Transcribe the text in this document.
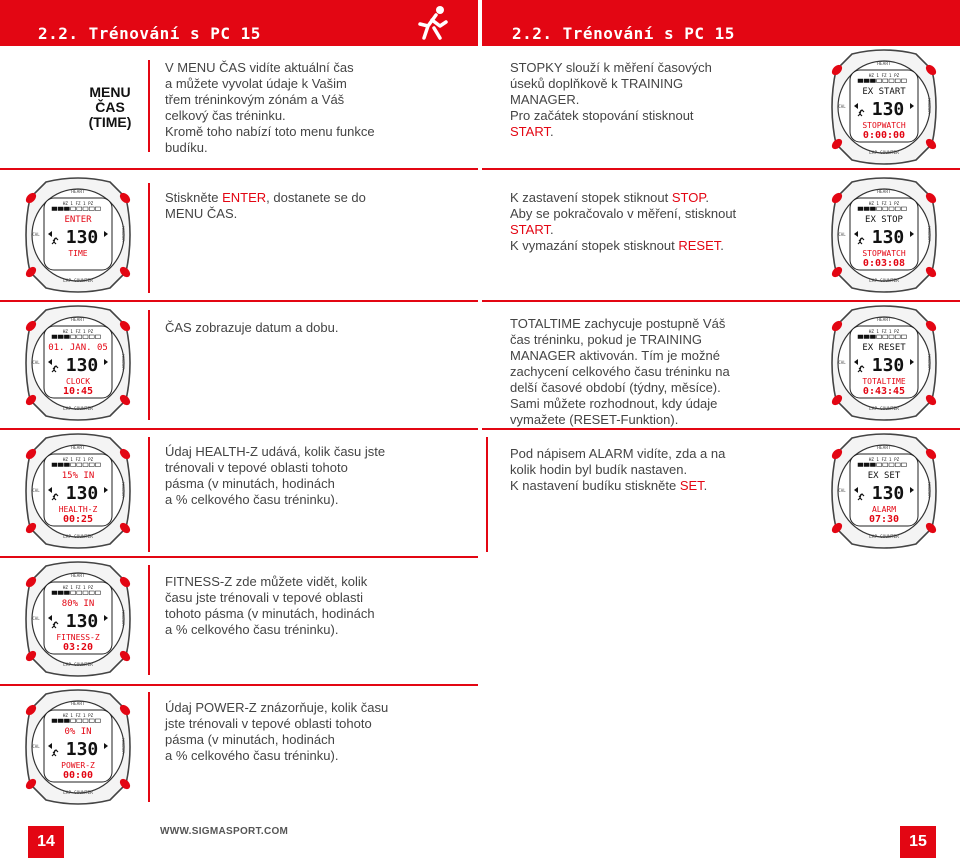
2.2. Trénování s PC 15	2.2. Trénování s PC 15
MENU
ČAS
(TIME)
V MENU ČAS vidíte aktuální čas
a můžete vyvolat údaje k Vašim
třem tréninkovým zónám a Váš
celkový čas tréninku.
Kromě toho nabízí toto menu funkce
budíku.
Stiskněte ENTER, dostanete se do
MENU ČAS.
ČAS zobrazuje datum a dobu.
Údaj HEALTH-Z udává, kolik času jste
trénovali v tepové oblasti tohoto
pásma (v minutách, hodinách
a % celkového času tréninku).
FITNESS-Z zde můžete vidět, kolik
času jste trénovali v tepové oblasti
tohoto pásma (v minutách, hodinách
a % celkového času tréninku).
Údaj POWER-Z znázorňuje, kolik času
jste trénovali v tepové oblasti tohoto
pásma (v minutách, hodinách
a % celkového času tréninku).
STOPKY slouží k měření časových
úseků doplňkově k TRAINING
MANAGER.
Pro začátek stopování stisknout
START.
K zastavení stopek stiknout STOP.
Aby se pokračovalo v měření, stisknout
START.
K vymazání stopek stisknout RESET.
TOTALTIME zachycuje postupně Váš
čas tréninku, pokud je TRAINING
MANAGER aktivován. Tím je možné
zachycení celkového času tréninku na
delší časové období (týdny, měsíce).
Sami můžete rozhodnout, kdy údaje
vymažete (RESET-Funktion).
Pod nápisem ALARM vidíte, zda a na
kolik hodin byl budík nastaven.
K nastavení budíku stiskněte SET.
HEART
LAP COUNTER
CAL	MANAGER
HZ 1 FZ 1 PZ
ENTER
130
TIME
HEART
LAP COUNTER
CAL	MANAGER
HZ 1 FZ 1 PZ
01. JAN. 05
130
CLOCK
10:45
HEART
LAP COUNTER
CAL	MANAGER
HZ 1 FZ 1 PZ
15% IN
130
HEALTH-Z
00:25
HEART
LAP COUNTER
CAL	MANAGER
HZ 1 FZ 1 PZ
80% IN
130
FITNESS-Z
03:20
HEART
LAP COUNTER
CAL	MANAGER
HZ 1 FZ 1 PZ
0% IN
130
POWER-Z
00:00
HEART
LAP COUNTER
CAL	MANAGER
HZ 1 FZ 1 PZ
EX START
130
STOPWATCH
0:00:00
HEART
LAP COUNTER
CAL	MANAGER
HZ 1 FZ 1 PZ
EX STOP
130
STOPWATCH
0:03:08
HEART
LAP COUNTER
CAL	MANAGER
HZ 1 FZ 1 PZ
EX RESET
130
TOTALTIME
0:43:45
HEART
LAP COUNTER
CAL	MANAGER
HZ 1 FZ 1 PZ
EX SET
130
ALARM
07:30
WWW.SIGMASPORT.COM
14	15
